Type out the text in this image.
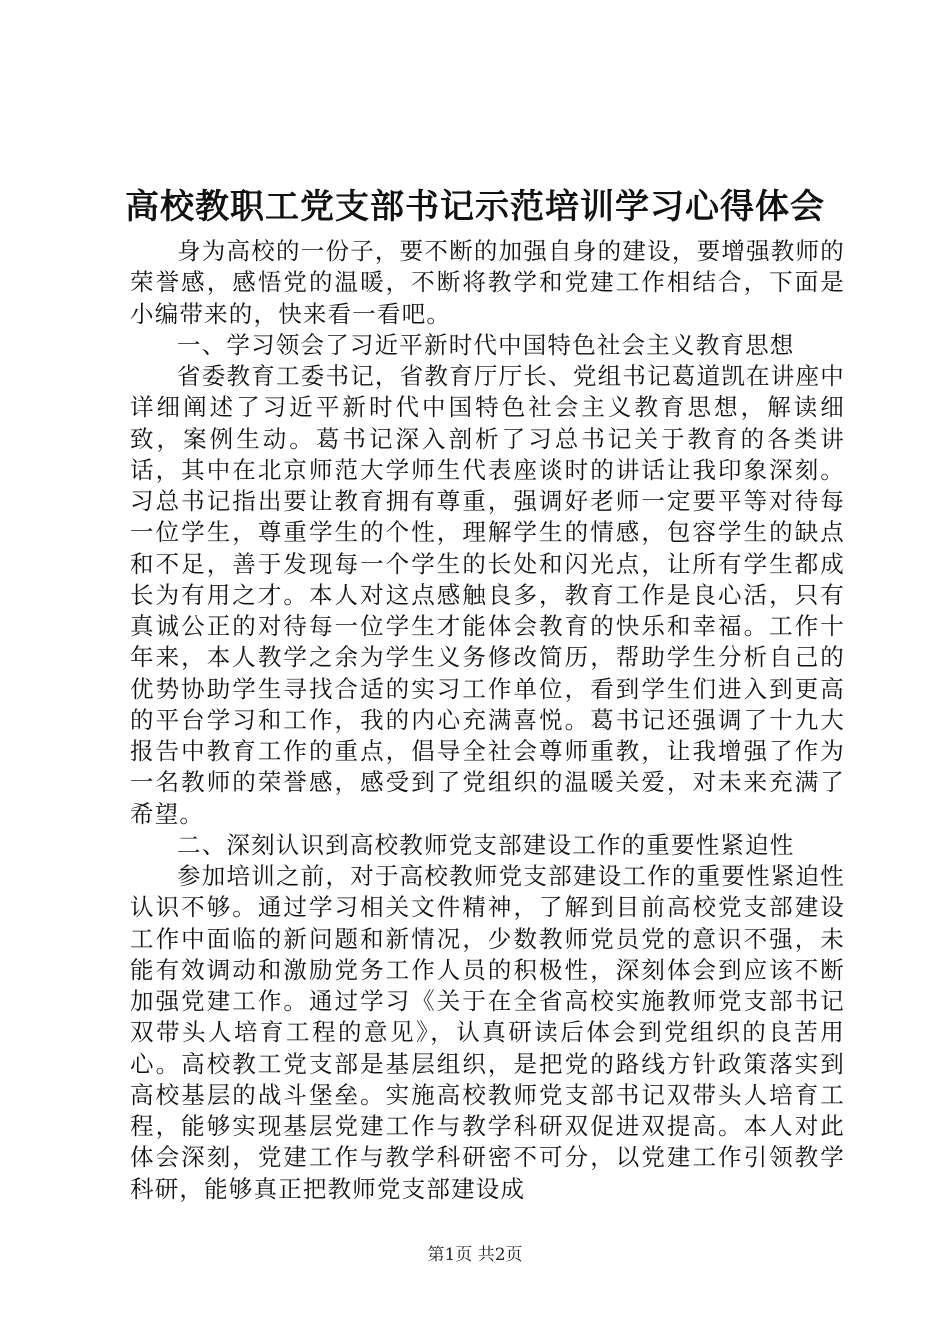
高校教职工党支部书记示范培训学习心得体会

身为高校的一份子，要不断的加强自身的建设，要增强教师的荣誉感，感悟党的温暖，不断将教学和党建工作相结合，下面是小编带来的，快来看一看吧。

一、学习领会了习近平新时代中国特色社会主义教育思想

省委教育工委书记，省教育厅厅长、党组书记葛道凯在讲座中详细阐述了习近平新时代中国特色社会主义教育思想，解读细致，案例生动。葛书记深入剖析了习总书记关于教育的各类讲话，其中在北京师范大学师生代表座谈时的讲话让我印象深刻。习总书记指出要让教育拥有尊重，强调好老师一定要平等对待每一位学生，尊重学生的个性，理解学生的情感，包容学生的缺点和不足，善于发现每一个学生的长处和闪光点，让所有学生都成长为有用之才。本人对这点感触良多，教育工作是良心活，只有真诚公正的对待每一位学生才能体会教育的快乐和幸福。工作十年来，本人教学之余为学生义务修改简历，帮助学生分析自己的优势协助学生寻找合适的实习工作单位，看到学生们进入到更高的平台学习和工作，我的内心充满喜悦。葛书记还强调了十九大报告中教育工作的重点，倡导全社会尊师重教，让我增强了作为一名教师的荣誉感，感受到了党组织的温暖关爱，对未来充满了希望。

二、深刻认识到高校教师党支部建设工作的重要性紧迫性

参加培训之前，对于高校教师党支部建设工作的重要性紧迫性认识不够。通过学习相关文件精神，了解到目前高校党支部建设工作中面临的新问题和新情况，少数教师党员党的意识不强，未能有效调动和激励党务工作人员的积极性，深刻体会到应该不断加强党建工作。通过学习《关于在全省高校实施教师党支部书记双带头人培育工程的意见》，认真研读后体会到党组织的良苦用心。高校教工党支部是基层组织，是把党的路线方针政策落实到高校基层的战斗堡垒。实施高校教师党支部书记双带头人培育工程，能够实现基层党建工作与教学科研双促进双提高。本人对此体会深刻，党建工作与教学科研密不可分，以党建工作引领教学科研，能够真正把教师党支部建设成

第1页 共2页
